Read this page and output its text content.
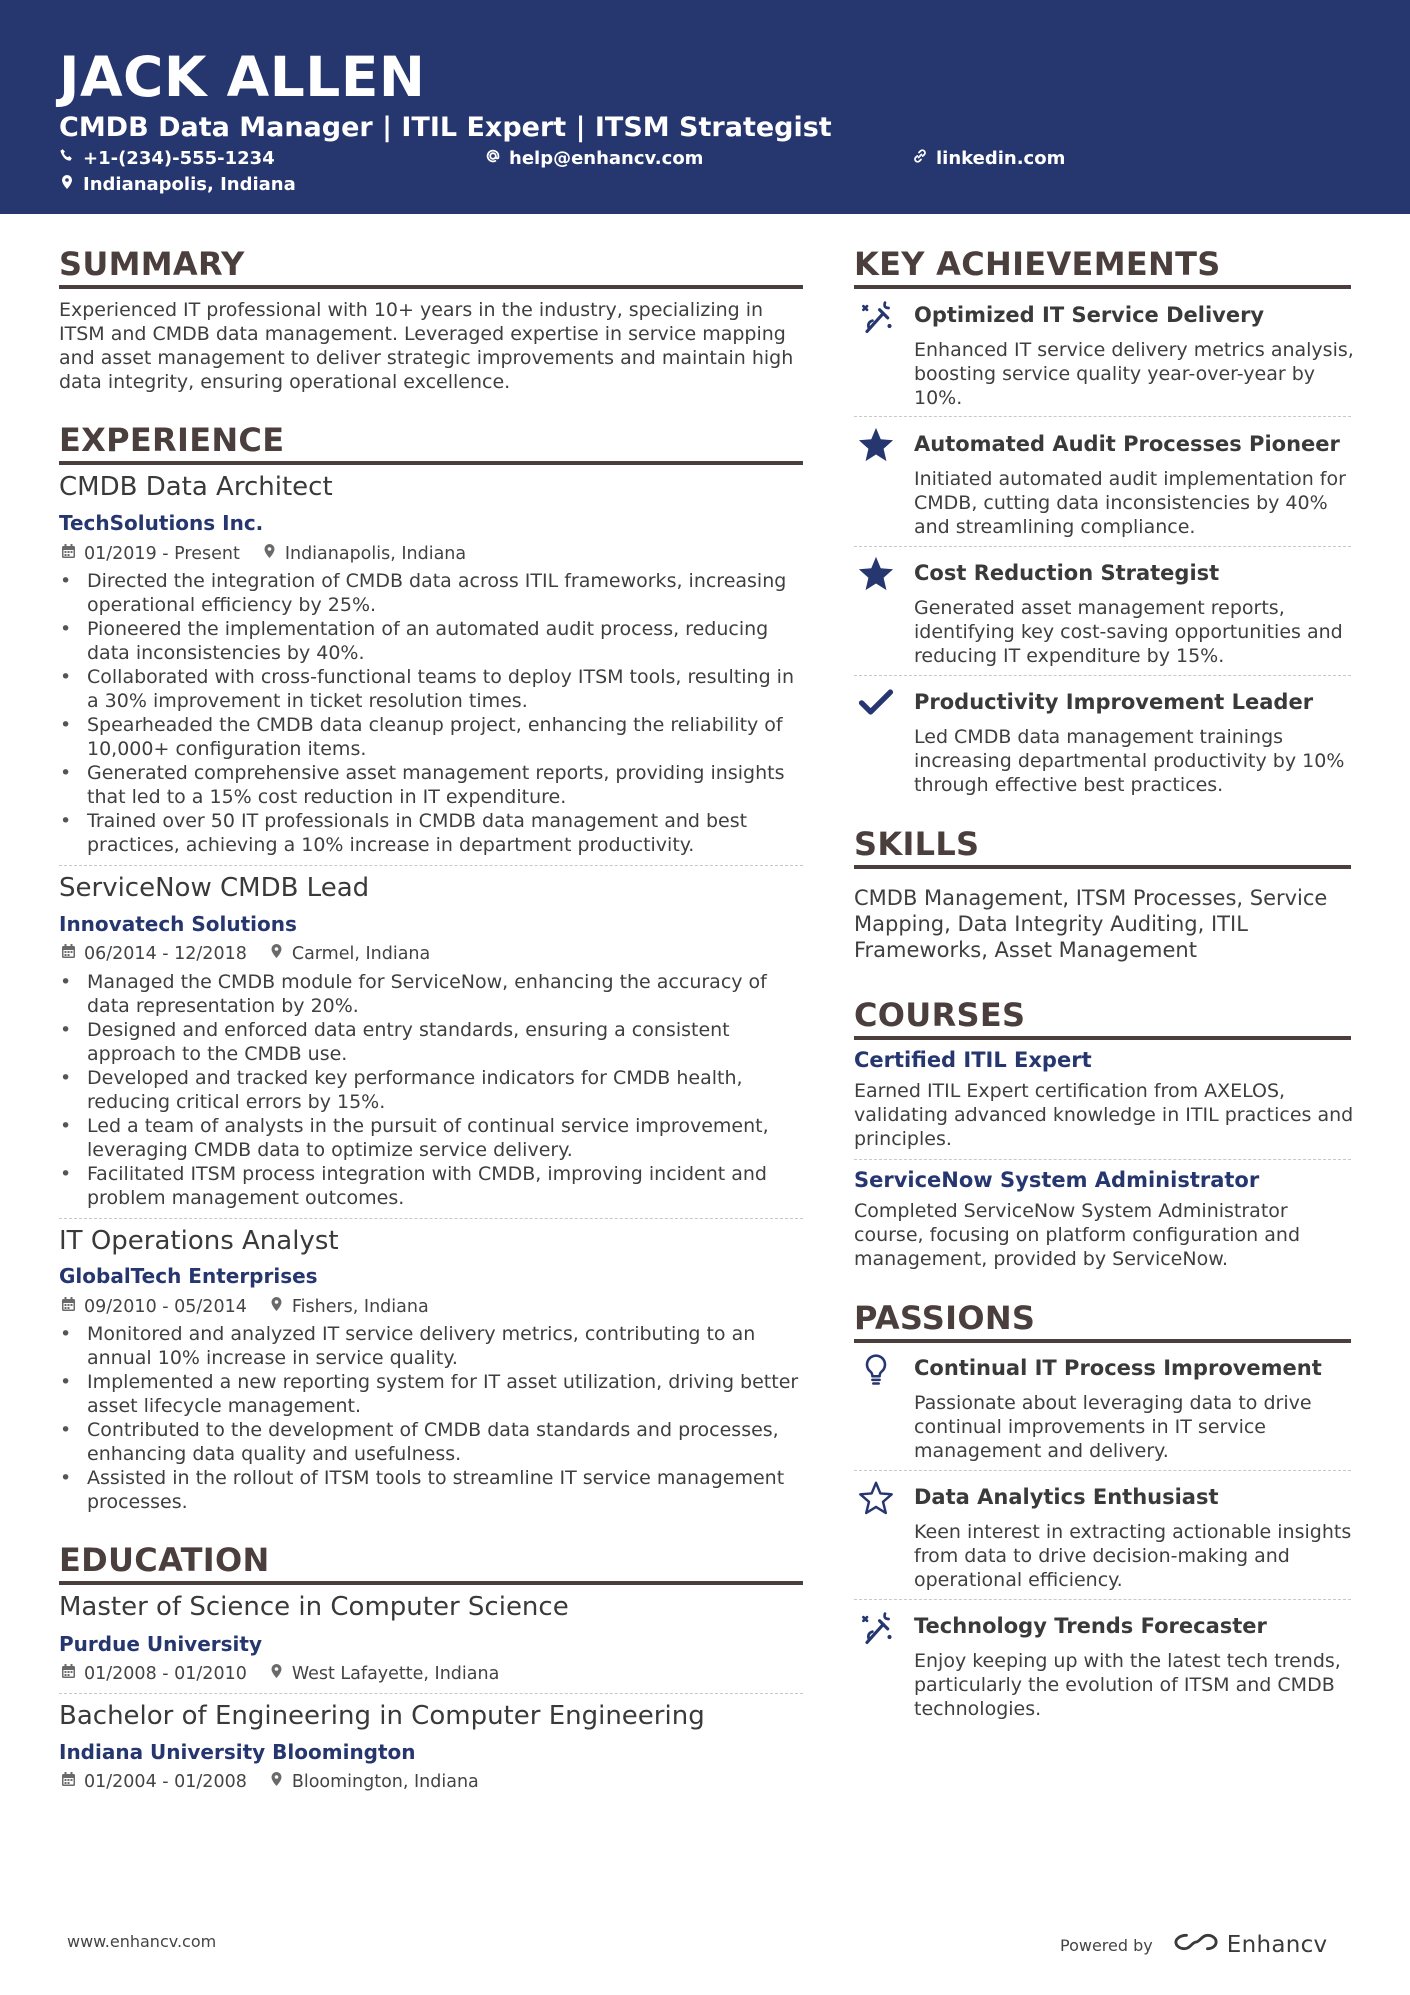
JACK ALLEN
CMDB Data Manager | ITIL Expert | ITSM Strategist
+1-(234)-555-1234	help@enhancv.com	linkedin.com
Indianapolis, Indiana
SUMMARY
Experienced IT professional with 10+ years in the industry, specializing in ITSM and CMDB data management. Leveraged expertise in service mapping and asset management to deliver strategic improvements and maintain high data integrity, ensuring operational excellence.
EXPERIENCE
CMDB Data Architect
TechSolutions Inc.
01/2019 - Present	Indianapolis, Indiana
• Directed the integration of CMDB data across ITIL frameworks, increasing operational efficiency by 25%.
• Pioneered the implementation of an automated audit process, reducing data inconsistencies by 40%.
• Collaborated with cross-functional teams to deploy ITSM tools, resulting in a 30% improvement in ticket resolution times.
• Spearheaded the CMDB data cleanup project, enhancing the reliability of 10,000+ configuration items.
• Generated comprehensive asset management reports, providing insights that led to a 15% cost reduction in IT expenditure.
• Trained over 50 IT professionals in CMDB data management and best practices, achieving a 10% increase in department productivity.
ServiceNow CMDB Lead
Innovatech Solutions
06/2014 - 12/2018	Carmel, Indiana
• Managed the CMDB module for ServiceNow, enhancing the accuracy of data representation by 20%.
• Designed and enforced data entry standards, ensuring a consistent approach to the CMDB use.
• Developed and tracked key performance indicators for CMDB health, reducing critical errors by 15%.
• Led a team of analysts in the pursuit of continual service improvement, leveraging CMDB data to optimize service delivery.
• Facilitated ITSM process integration with CMDB, improving incident and problem management outcomes.
IT Operations Analyst
GlobalTech Enterprises
09/2010 - 05/2014	Fishers, Indiana
• Monitored and analyzed IT service delivery metrics, contributing to an annual 10% increase in service quality.
• Implemented a new reporting system for IT asset utilization, driving better asset lifecycle management.
• Contributed to the development of CMDB data standards and processes, enhancing data quality and usefulness.
• Assisted in the rollout of ITSM tools to streamline IT service management processes.
EDUCATION
Master of Science in Computer Science
Purdue University
01/2008 - 01/2010	West Lafayette, Indiana
Bachelor of Engineering in Computer Engineering
Indiana University Bloomington
01/2004 - 01/2008	Bloomington, Indiana
KEY ACHIEVEMENTS
Optimized IT Service Delivery
Enhanced IT service delivery metrics analysis, boosting service quality year-over-year by 10%.
Automated Audit Processes Pioneer
Initiated automated audit implementation for CMDB, cutting data inconsistencies by 40% and streamlining compliance.
Cost Reduction Strategist
Generated asset management reports, identifying key cost-saving opportunities and reducing IT expenditure by 15%.
Productivity Improvement Leader
Led CMDB data management trainings increasing departmental productivity by 10% through effective best practices.
SKILLS
CMDB Management, ITSM Processes, Service Mapping, Data Integrity Auditing, ITIL Frameworks, Asset Management
COURSES
Certified ITIL Expert
Earned ITIL Expert certification from AXELOS, validating advanced knowledge in ITIL practices and principles.
ServiceNow System Administrator
Completed ServiceNow System Administrator course, focusing on platform configuration and management, provided by ServiceNow.
PASSIONS
Continual IT Process Improvement
Passionate about leveraging data to drive continual improvements in IT service management and delivery.
Data Analytics Enthusiast
Keen interest in extracting actionable insights from data to drive decision-making and operational efficiency.
Technology Trends Forecaster
Enjoy keeping up with the latest tech trends, particularly the evolution of ITSM and CMDB technologies.
www.enhancv.com	Powered by	Enhancv
